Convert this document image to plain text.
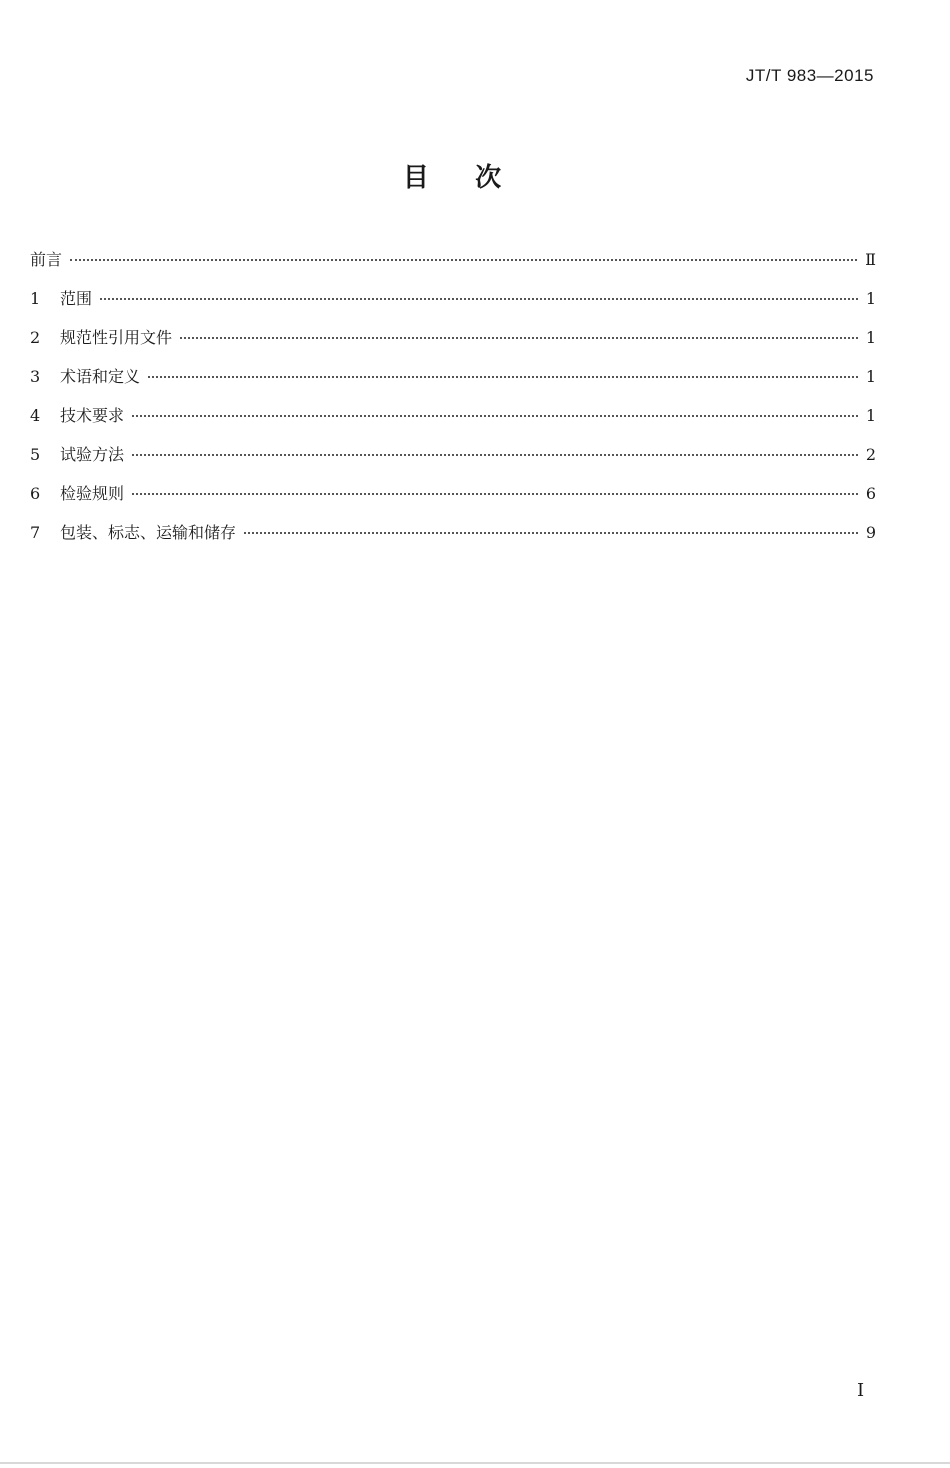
JT/T 983—2015
目    次
前言	Ⅱ
1	范围	1
2	规范性引用文件	1
3	术语和定义	1
4	技术要求	1
5	试验方法	2
6	检验规则	6
7	包装、标志、运输和储存	9
I
